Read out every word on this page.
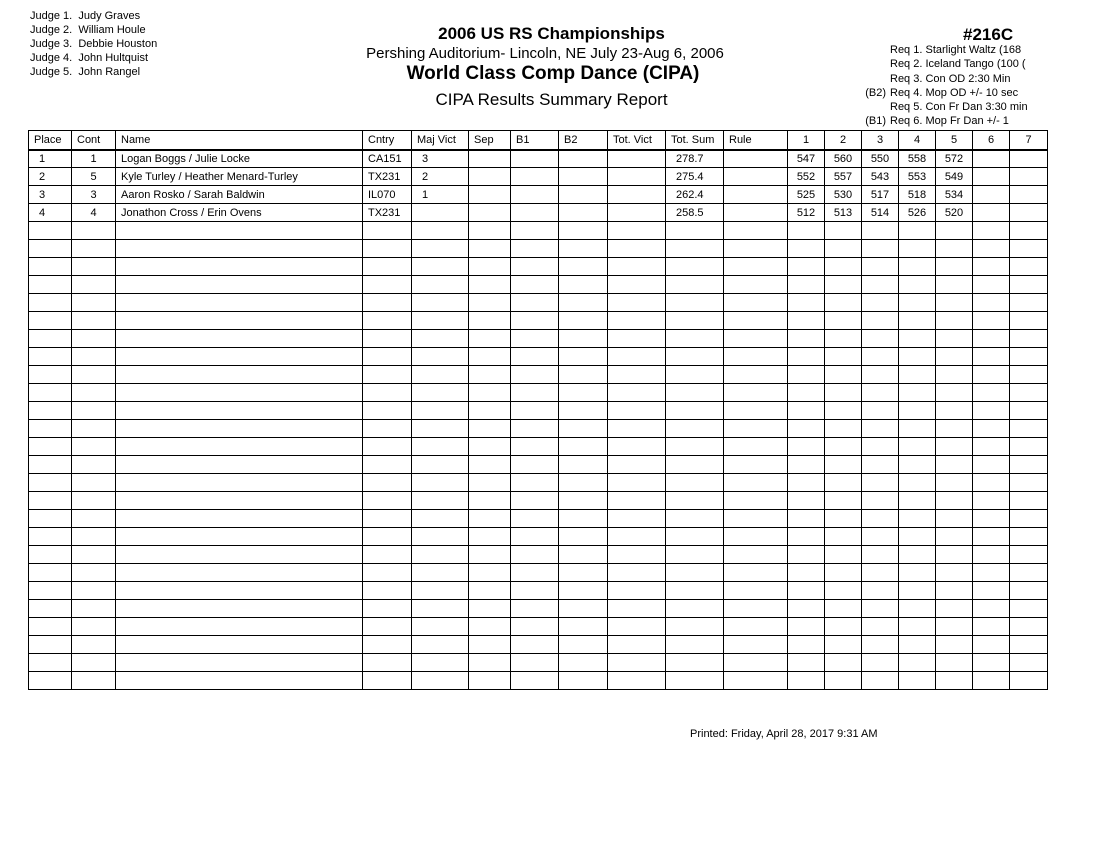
Judge 1. Judy Graves
Judge 2. William Houle
Judge 3. Debbie Houston
Judge 4. John Hultquist
Judge 5. John Rangel
2006 US RS Championships
Pershing Auditorium- Lincoln, NE July 23-Aug 6, 2006
World Class Comp Dance (CIPA)
CIPA Results Summary Report
#216C
Req 1.
Starlight Waltz (168
Req 2.
Iceland Tango (100 (
Req 3.
Con OD 2:30 Min
(B2) Req 4.
Mop OD +/- 10 sec
Req 5.
Con Fr Dan 3:30 min
(B1) Req 6.
Mop Fr Dan +/- 1
Place	Cont	Name	Cntry	Maj Vict	Sep	B1	B2	Tot. Vict	Tot. Sum	Rule	1	2	3	4	5	6	7
1	1	Logan Boggs / Julie Locke	CA151	3					278.7		547	560	550	558	572		
2	5	Kyle Turley / Heather Menard-Turley	TX231	2					275.4		552	557	543	553	549		
3	3	Aaron Rosko / Sarah Baldwin	IL070	1					262.4		525	530	517	518	534		
4	4	Jonathon Cross / Erin Ovens	TX231						258.5		512	513	514	526	520		

Printed: Friday, April 28, 2017 9:31 AM
